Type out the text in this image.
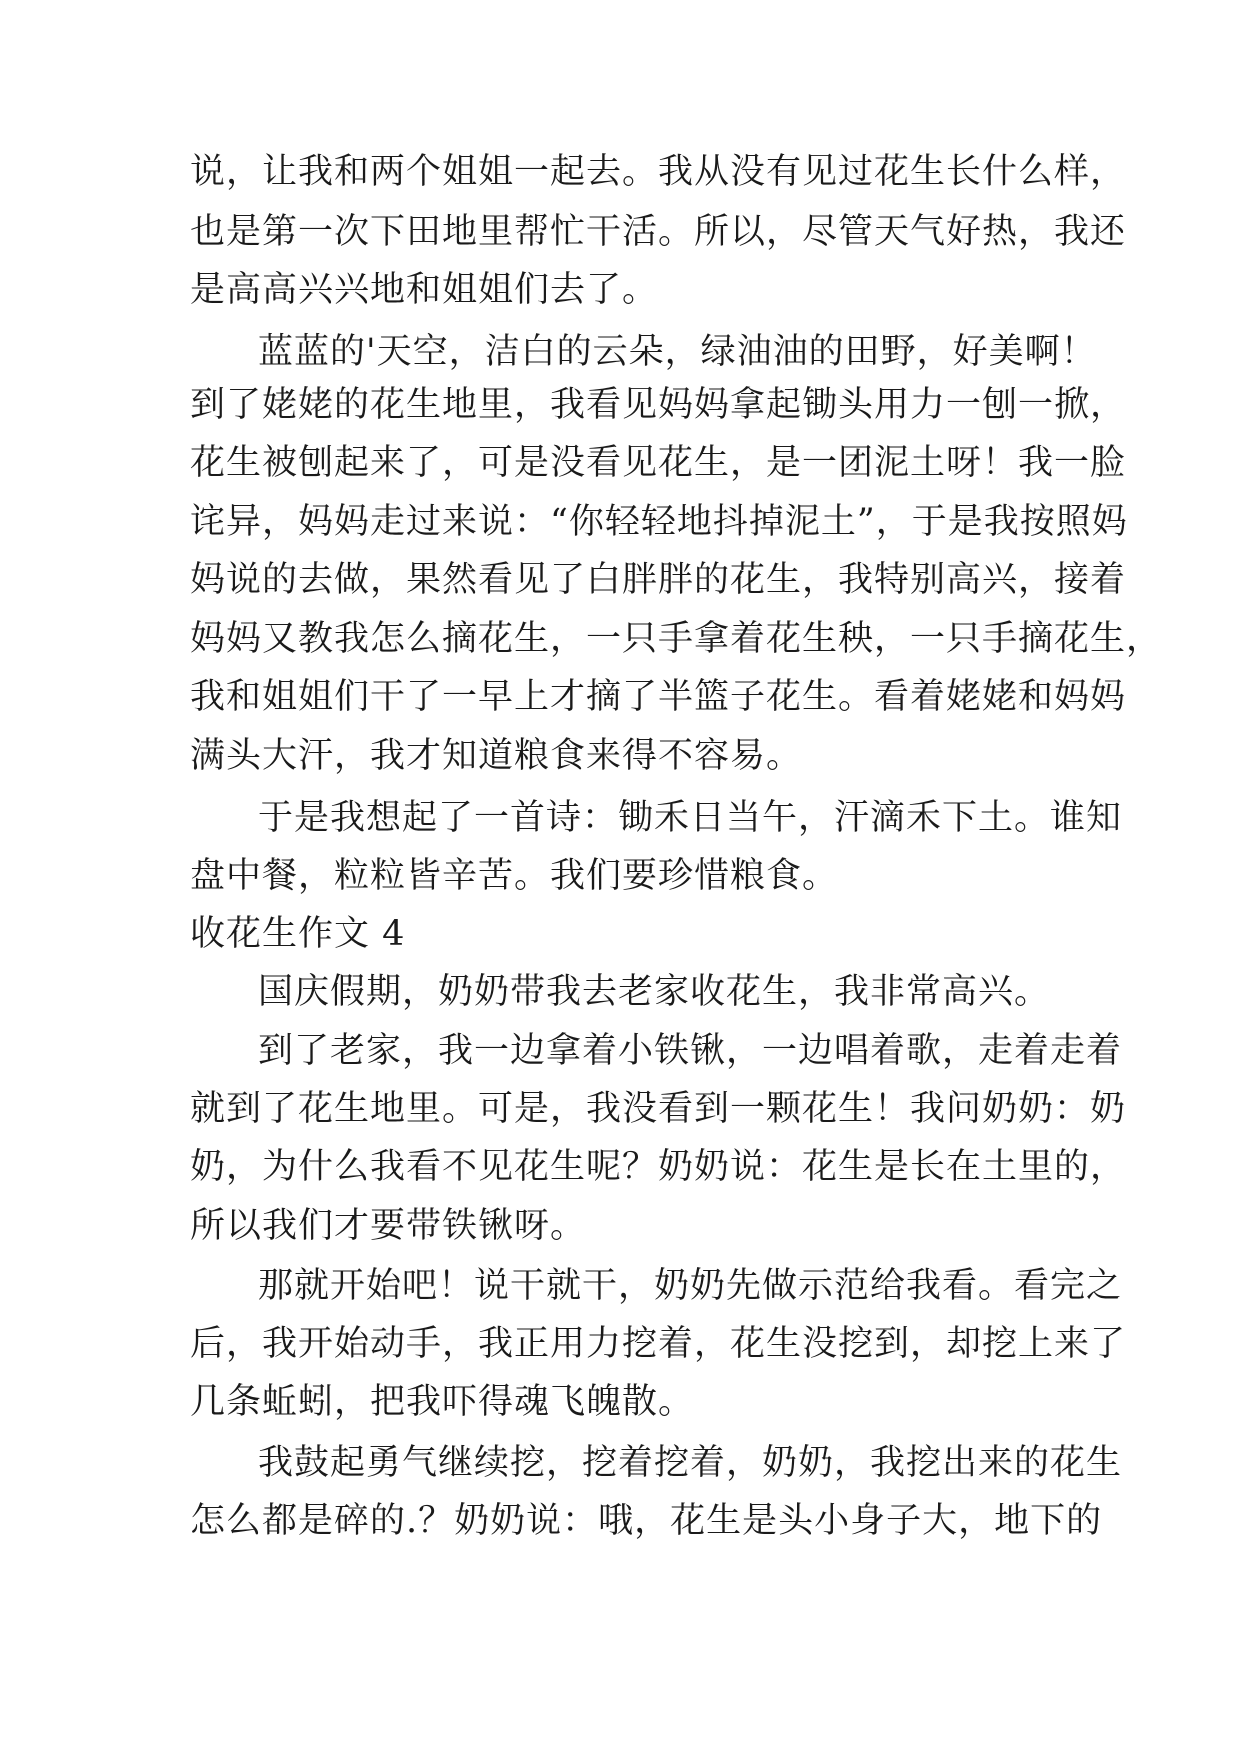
说，让我和两个姐姐一起去。我从没有见过花生长什么样，
也是第一次下田地里帮忙干活。所以，尽管天气好热，我还
是高高兴兴地和姐姐们去了。
蓝蓝的'天空，洁白的云朵，绿油油的田野，好美啊！
到了姥姥的花生地里，我看见妈妈拿起锄头用力一刨一掀，
花生被刨起来了，可是没看见花生，是一团泥土呀！我一脸
诧异，妈妈走过来说：“你轻轻地抖掉泥土”，于是我按照妈
妈说的去做，果然看见了白胖胖的花生，我特别高兴，接着
妈妈又教我怎么摘花生，一只手拿着花生秧，一只手摘花生，
我和姐姐们干了一早上才摘了半篮子花生。看着姥姥和妈妈
满头大汗，我才知道粮食来得不容易。
于是我想起了一首诗：锄禾日当午，汗滴禾下土。谁知
盘中餐，粒粒皆辛苦。我们要珍惜粮食。
收花生作文 4
国庆假期，奶奶带我去老家收花生，我非常高兴。
到了老家，我一边拿着小铁锹，一边唱着歌，走着走着
就到了花生地里。可是，我没看到一颗花生！我问奶奶：奶
奶，为什么我看不见花生呢？奶奶说：花生是长在土里的，
所以我们才要带铁锹呀。
那就开始吧！说干就干，奶奶先做示范给我看。看完之
后，我开始动手，我正用力挖着，花生没挖到，却挖上来了
几条蚯蚓，把我吓得魂飞魄散。
我鼓起勇气继续挖，挖着挖着，奶奶，我挖出来的花生
怎么都是碎的.？奶奶说：哦，花生是头小身子大，地下的
